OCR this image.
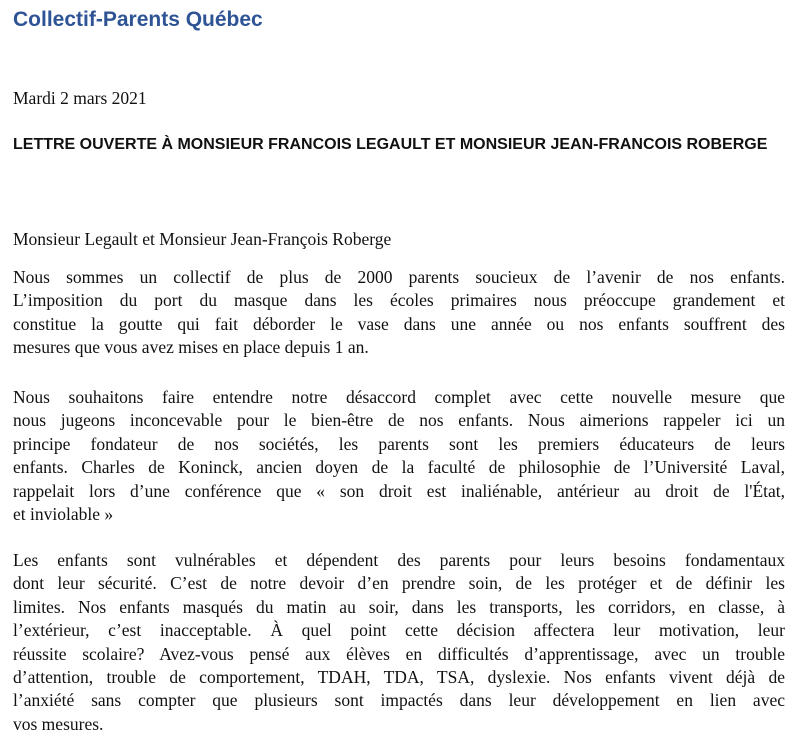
Collectif-Parents Québec

Mardi 2 mars 2021

LETTRE OUVERTE À MONSIEUR FRANCOIS LEGAULT ET MONSIEUR JEAN-FRANCOIS ROBERGE

Monsieur Legault et Monsieur Jean-François Roberge

Nous sommes un collectif de plus de 2000 parents soucieux de l’avenir de nos enfants.
L’imposition du port du masque dans les écoles primaires nous préoccupe grandement et
constitue la goutte qui fait déborder le vase dans une année ou nos enfants souffrent des
mesures que vous avez mises en place depuis 1 an.
Nous souhaitons faire entendre notre désaccord complet avec cette nouvelle mesure que
nous jugeons inconcevable pour le bien-être de nos enfants. Nous aimerions rappeler ici un
principe fondateur de nos sociétés, les parents sont les premiers éducateurs de leurs
enfants. Charles de Koninck, ancien doyen de la faculté de philosophie de l’Université Laval,
rappelait lors d’une conférence que « son droit est inaliénable, antérieur au droit de l'État,
et inviolable »
Les enfants sont vulnérables et dépendent des parents pour leurs besoins fondamentaux
dont leur sécurité. C’est de notre devoir d’en prendre soin, de les protéger et de définir les
limites. Nos enfants masqués du matin au soir, dans les transports, les corridors, en classe, à
l’extérieur, c’est inacceptable. À quel point cette décision affectera leur motivation, leur
réussite scolaire? Avez-vous pensé aux élèves en difficultés d’apprentissage, avec un trouble
d’attention, trouble de comportement, TDAH, TDA, TSA, dyslexie. Nos enfants vivent déjà de
l’anxiété sans compter que plusieurs sont impactés dans leur développement en lien avec
vos mesures.
